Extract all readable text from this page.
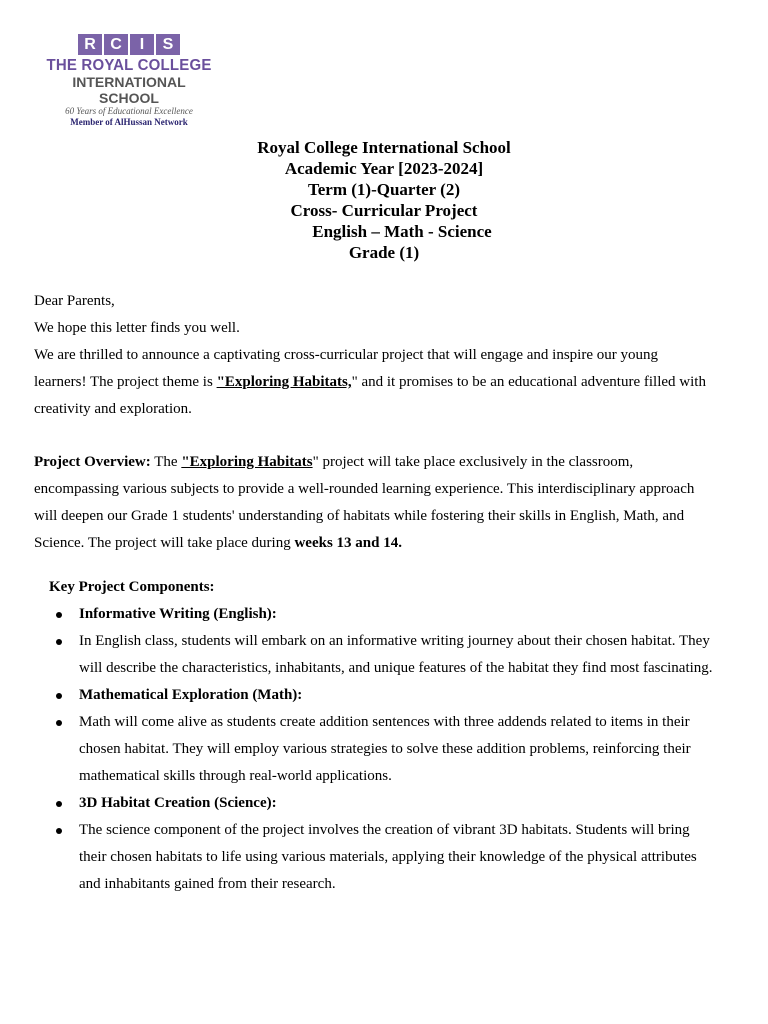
R C	I	S
THE ROYAL COLLEGE
INTERNATIONAL SCHOOL
60 Years of Educational Excellence
Member of AlHussan Network
Royal College International School
Academic Year [2023-2024]
Term (1)-Quarter (2)
Cross- Curricular Project
English – Math - Science
Grade (1)

Dear Parents,

We hope this letter finds you well.

We are thrilled to announce a captivating cross-curricular project that will engage and inspire our young learners! The project theme is "Exploring Habitats," and it promises to be an educational adventure filled with creativity and exploration.

Project Overview: The "Exploring Habitats" project will take place exclusively in the classroom, encompassing various subjects to provide a well-rounded learning experience. This interdisciplinary approach will deepen our Grade 1 students' understanding of habitats while fostering their skills in English, Math, and Science. The project will take place during weeks 13 and 14.

Key Project Components:

Informative Writing (English):
In English class, students will embark on an informative writing journey about their chosen habitat. They will describe the characteristics, inhabitants, and unique features of the habitat they find most fascinating.
Mathematical Exploration (Math):
Math will come alive as students create addition sentences with three addends related to items in their chosen habitat. They will employ various strategies to solve these addition problems, reinforcing their mathematical skills through real-world applications.
3D Habitat Creation (Science):
The science component of the project involves the creation of vibrant 3D habitats. Students will bring their chosen habitats to life using various materials, applying their knowledge of the physical attributes and inhabitants gained from their research.
